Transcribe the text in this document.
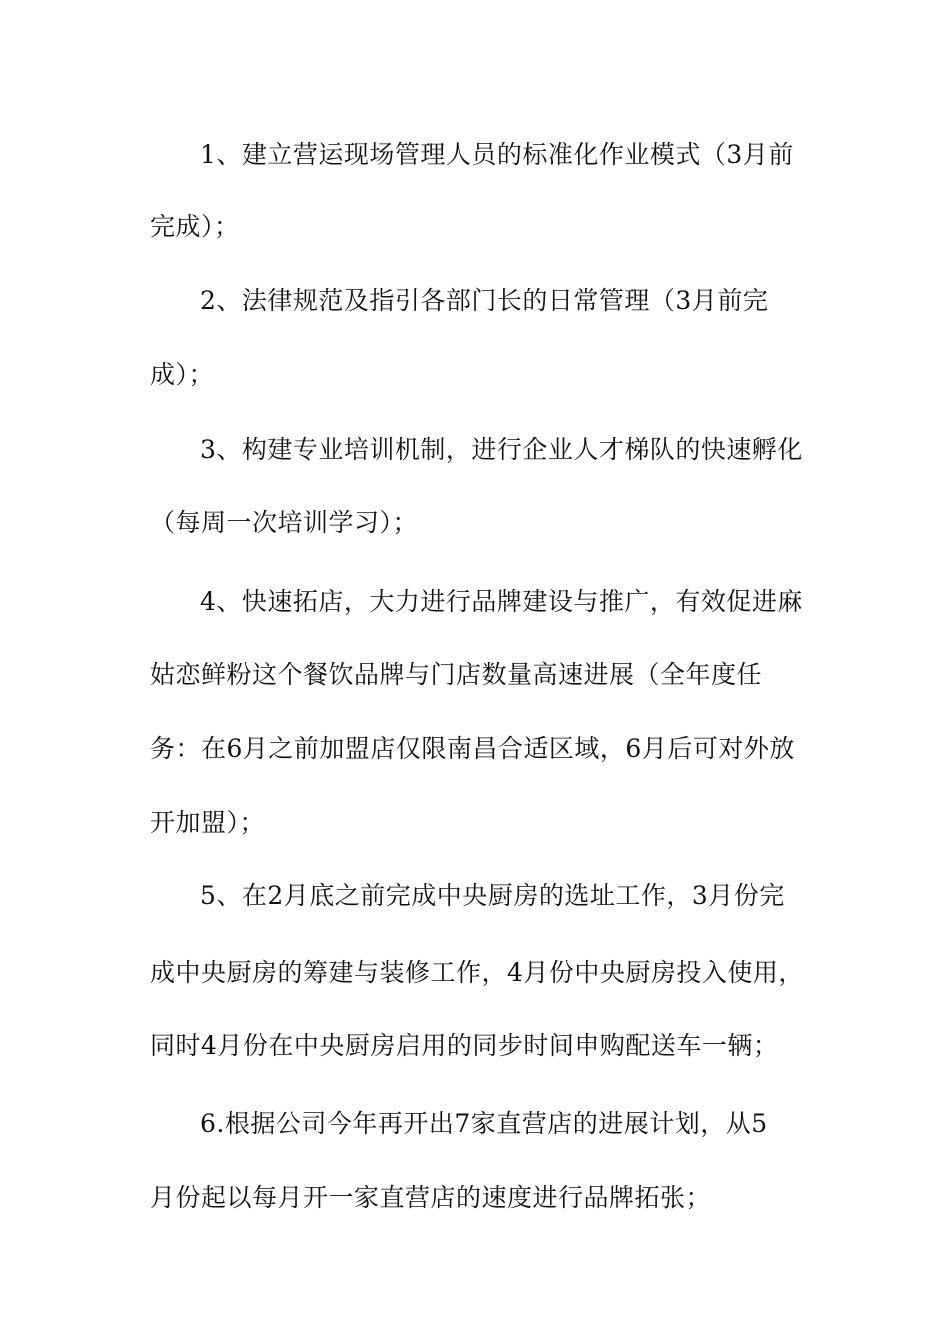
1、建立营运现场管理人员的标准化作业模式（3月前
完成）；
2、法律规范及指引各部门长的日常管理（3月前完
成）；
3、构建专业培训机制，进行企业人才梯队的快速孵化
（每周一次培训学习）；
4、快速拓店，大力进行品牌建设与推广，有效促进麻
姑恋鲜粉这个餐饮品牌与门店数量高速进展（全年度任
务：在6月之前加盟店仅限南昌合适区域，6月后可对外放
开加盟）；
5、在2月底之前完成中央厨房的选址工作，3月份完
成中央厨房的筹建与装修工作，4月份中央厨房投入使用，
同时4月份在中央厨房启用的同步时间申购配送车一辆；
6.根据公司今年再开出7家直营店的进展计划，从5
月份起以每月开一家直营店的速度进行品牌拓张；
